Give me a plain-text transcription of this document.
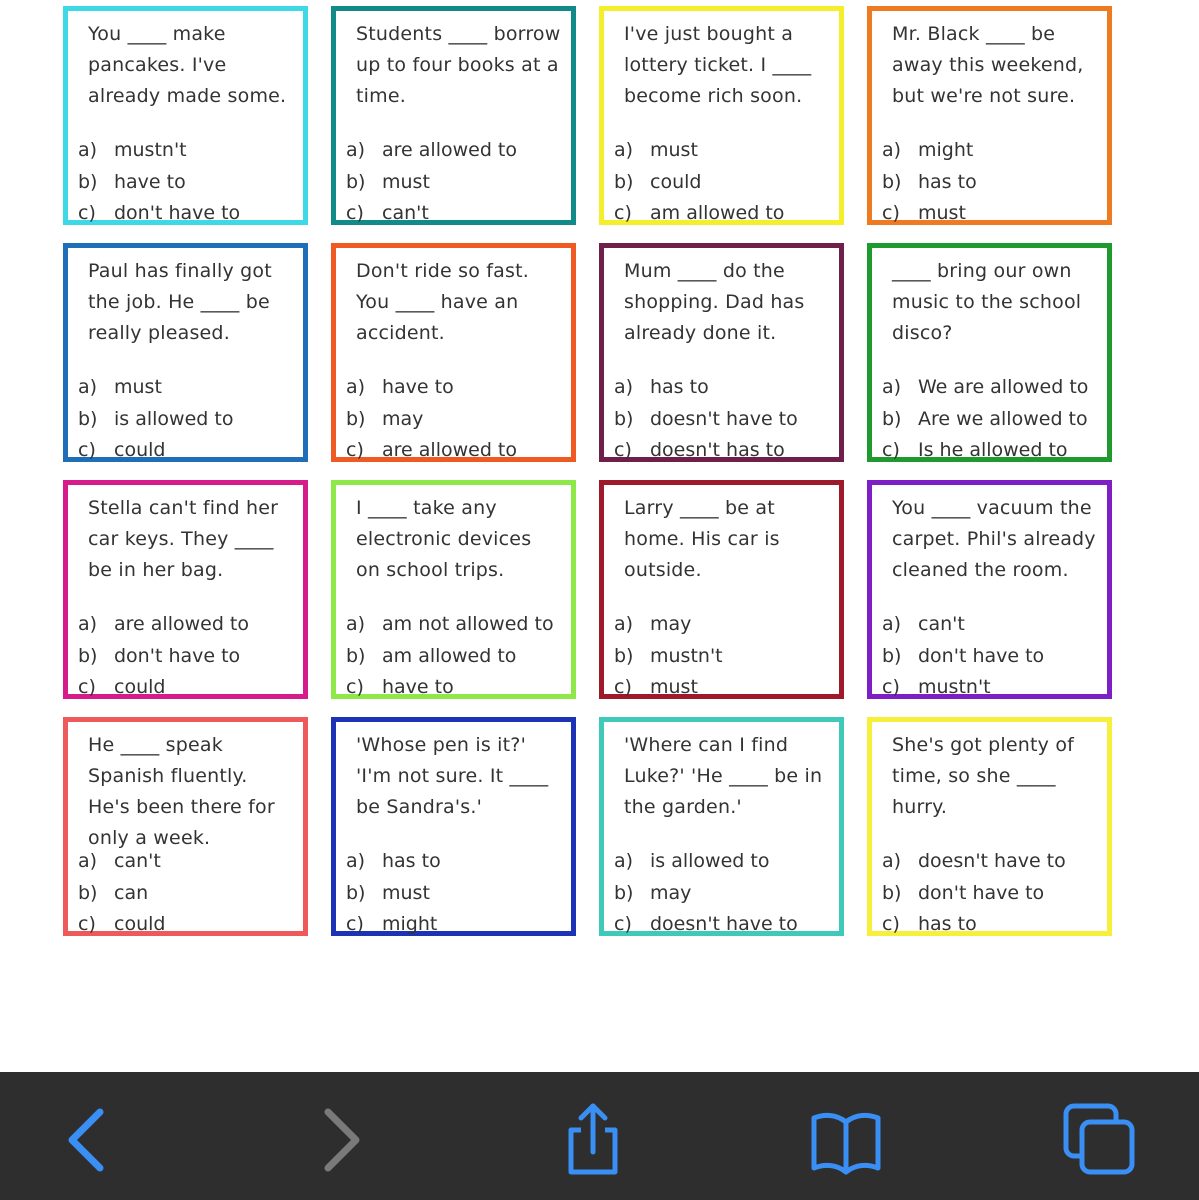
You ____ make pancakes. I've already made some.
a) mustn't
b) have to
c) don't have to
Students ____ borrow up to four books at a time.
a) are allowed to
b) must
c) can't
I've just bought a lottery ticket. I ____ become rich soon.
a) must
b) could
c) am allowed to
Mr. Black ____ be away this weekend, but we're not sure.
a) might
b) has to
c) must
Paul has finally got the job. He ____ be really pleased.
a) must
b) is allowed to
c) could
Don't ride so fast. You ____ have an accident.
a) have to
b) may
c) are allowed to
Mum ____ do the shopping. Dad has already done it.
a) has to
b) doesn't have to
c) doesn't has to
____ bring our own music to the school disco?
a) We are allowed to
b) Are we allowed to
c) Is he allowed to
Stella can't find her car keys. They ____ be in her bag.
a) are allowed to
b) don't have to
c) could
I ____ take any electronic devices on school trips.
a) am not allowed to
b) am allowed to
c) have to
Larry ____ be at home. His car is outside.
a) may
b) mustn't
c) must
You ____ vacuum the carpet. Phil's already cleaned the room.
a) can't
b) don't have to
c) mustn't
He ____ speak Spanish fluently. He's been there for only a week.
a) can't
b) can
c) could
'Whose pen is it?' 'I'm not sure. It ____ be Sandra's.'
a) has to
b) must
c) might
'Where can I find Luke?' 'He ____ be in the garden.'
a) is allowed to
b) may
c) doesn't have to
She's got plenty of time, so she ____ hurry.
a) doesn't have to
b) don't have to
c) has to
